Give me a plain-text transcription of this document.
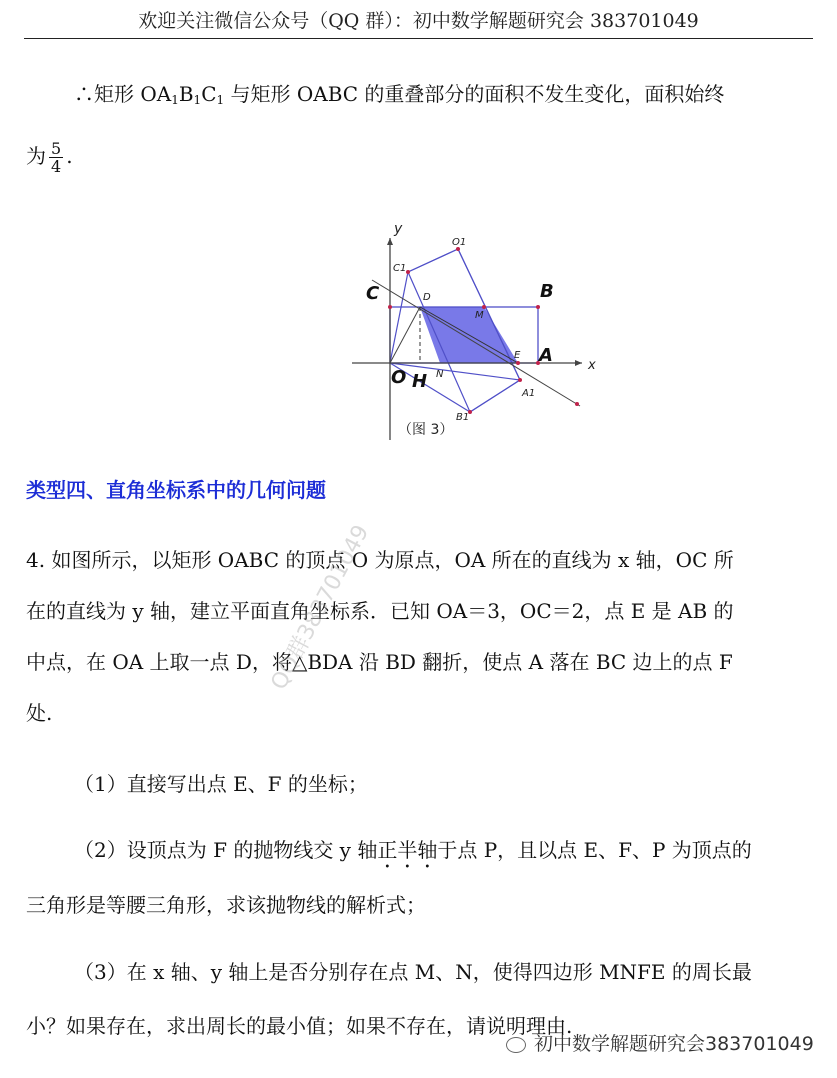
欢迎关注微信公众号（QQ 群）：初中数学解题研究会 383701049
∴矩形 $OA_1B_1C_1$ 与矩形 OABC 的重叠部分的面积不发生变化，面积始终
为 $\frac{5}{4}$ .
y
x
O1
C1
C	D	B
M
E A
O H N
A1
B1
（图 3）
类型四、直角坐标系中的几何问题
4. 如图所示，以矩形 OABC 的顶点 O 为原点，OA 所在的直线为 x 轴，OC 所
在的直线为 y 轴，建立平面直角坐标系．已知 OA＝3，OC＝2，点 E 是 AB 的
中点，在 OA 上取一点 D，将△BDA 沿 BD 翻折，使点 A 落在 BC 边上的点 F
处.
（1）直接写出点 E、F 的坐标；
（2）设顶点为 F 的抛物线交 y 轴正半轴于点 P，且以点 E、F、P 为顶点的
三角形是等腰三角形，求该抛物线的解析式；
（3）在 x 轴、y 轴上是否分别存在点 M、N，使得四边形 MNFE 的周长最
小？如果存在，求出周长的最小值；如果不存在，请说明理由.
QQ群383701049
初中数学解题研究会383701049
